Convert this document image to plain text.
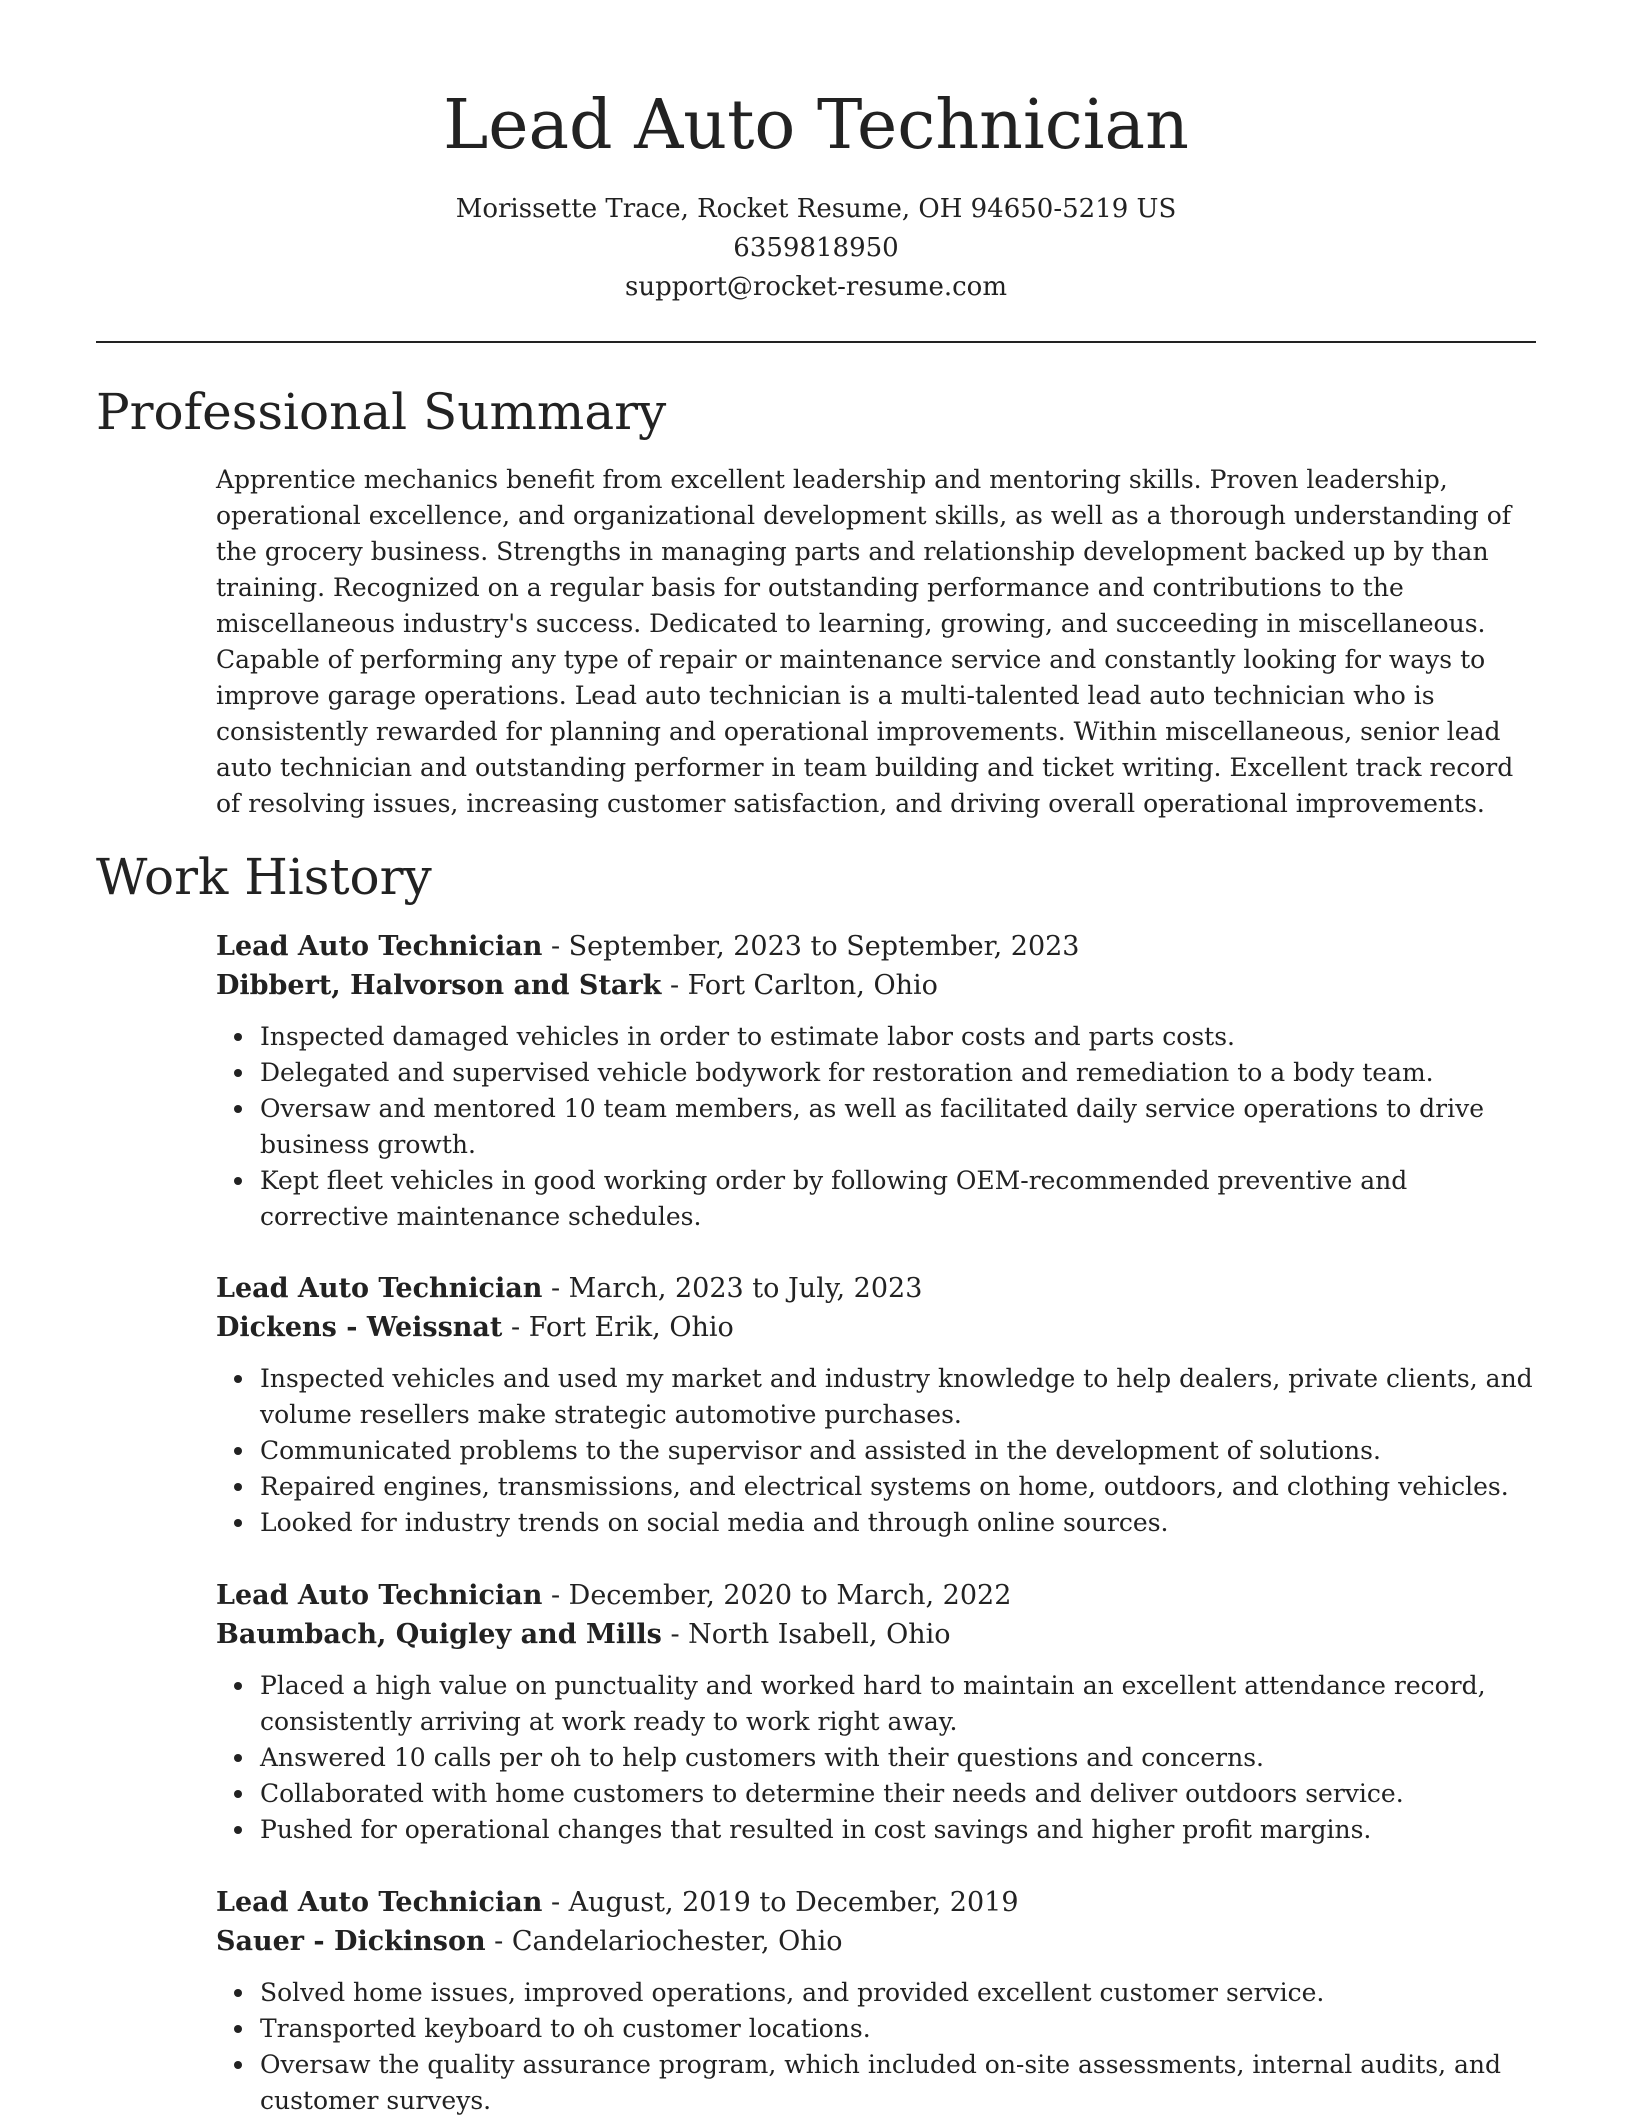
Lead Auto Technician
Morissette Trace, Rocket Resume, OH 94650-5219 US
6359818950
support@rocket-resume.com
Professional Summary

Apprentice mechanics benefit from excellent leadership and mentoring skills. Proven leadership, operational excellence, and organizational development skills, as well as a thorough understanding of the grocery business. Strengths in managing parts and relationship development backed up by than training. Recognized on a regular basis for outstanding performance and contributions to the miscellaneous industry's success. Dedicated to learning, growing, and succeeding in miscellaneous. Capable of performing any type of repair or maintenance service and constantly looking for ways to improve garage operations. Lead auto technician is a multi-talented lead auto technician who is consistently rewarded for planning and operational improvements. Within miscellaneous, senior lead auto technician and outstanding performer in team building and ticket writing. Excellent track record of resolving issues, increasing customer satisfaction, and driving overall operational improvements.

Work History
Lead Auto Technician - September, 2023 to September, 2023
Dibbert, Halvorson and Stark - Fort Carlton, Ohio
Inspected damaged vehicles in order to estimate labor costs and parts costs.
Delegated and supervised vehicle bodywork for restoration and remediation to a body team.
Oversaw and mentored 10 team members, as well as facilitated daily service operations to drive business growth.
Kept fleet vehicles in good working order by following OEM-recommended preventive and corrective maintenance schedules.
Lead Auto Technician - March, 2023 to July, 2023
Dickens - Weissnat - Fort Erik, Ohio
Inspected vehicles and used my market and industry knowledge to help dealers, private clients, and volume resellers make strategic automotive purchases.
Communicated problems to the supervisor and assisted in the development of solutions.
Repaired engines, transmissions, and electrical systems on home, outdoors, and clothing vehicles.
Looked for industry trends on social media and through online sources.
Lead Auto Technician - December, 2020 to March, 2022
Baumbach, Quigley and Mills - North Isabell, Ohio
Placed a high value on punctuality and worked hard to maintain an excellent attendance record, consistently arriving at work ready to work right away.
Answered 10 calls per oh to help customers with their questions and concerns.
Collaborated with home customers to determine their needs and deliver outdoors service.
Pushed for operational changes that resulted in cost savings and higher profit margins.
Lead Auto Technician - August, 2019 to December, 2019
Sauer - Dickinson - Candelariochester, Ohio
Solved home issues, improved operations, and provided excellent customer service.
Transported keyboard to oh customer locations.
Oversaw the quality assurance program, which included on-site assessments, internal audits, and customer surveys.
